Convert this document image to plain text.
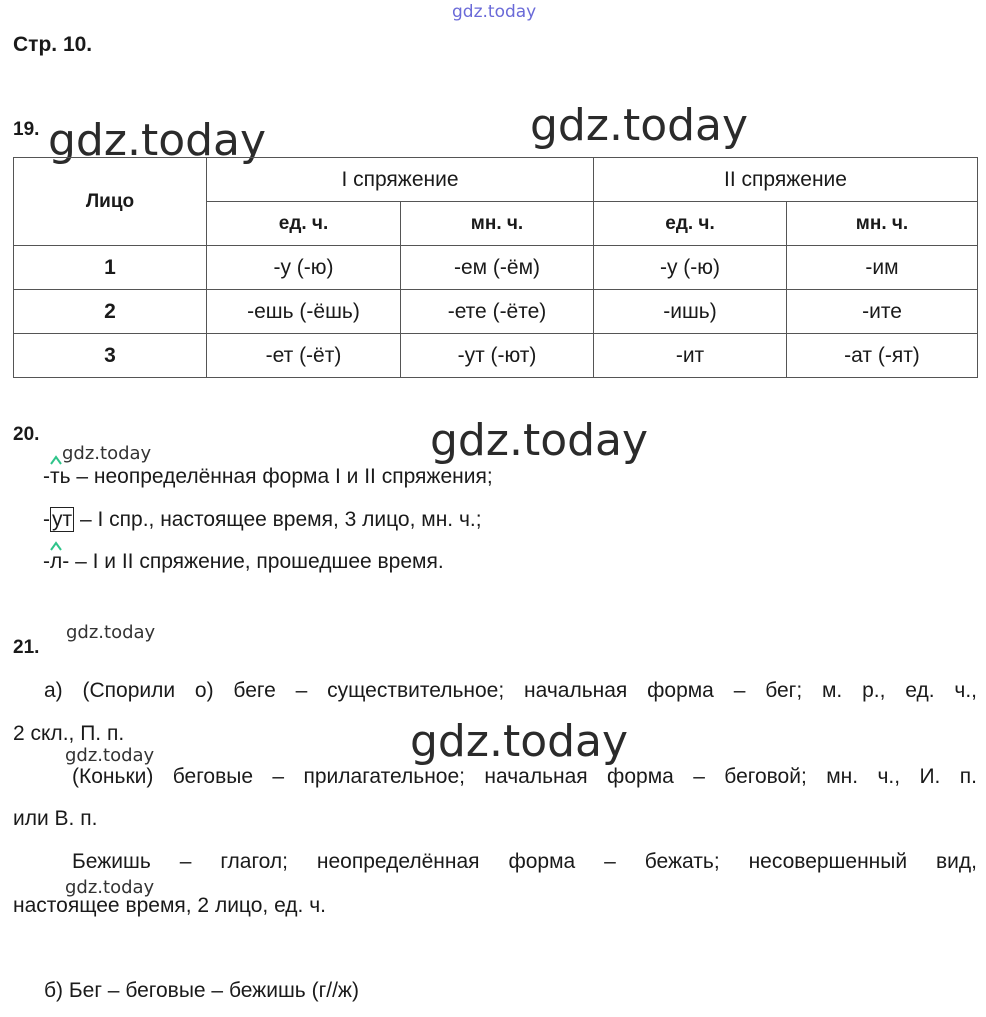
gdz.today
Стр. 10.
19. gdz.today	gdz.today
Лицо	I спряжение		II спряжение	
	ед. ч.	мн. ч.	ед. ч.	мн. ч.
1	-у (-ю)	-ем (-ём)	-у (-ю)	-им
2	-ешь (-ёшь)	-ете (-ёте)	-ишь)	-ите
3	-ет (-ёт)	-ут (-ют)	-ит	-ат (-ят)
20.
gdz.today	gdz.today
-ть – неопределённая форма I и II спряжения;
-ут – I спр., настоящее время, 3 лицо, мн. ч.;
-л- – I и II спряжение, прошедшее время.
gdz.today
21.
а) (Спорили о) беге – существительное; начальная форма – бег; м. р., ед. ч.,
2 скл., П. п.
gdz.today	gdz.today
(Коньки) беговые – прилагательное; начальная форма – беговой; мн. ч., И. п.
или В. п.
Бежишь – глагол; неопределённая форма – бежать; несовершенный вид,
gdz.today
настоящее время, 2 лицо, ед. ч.
б) Бег – беговые – бежишь (г//ж)
